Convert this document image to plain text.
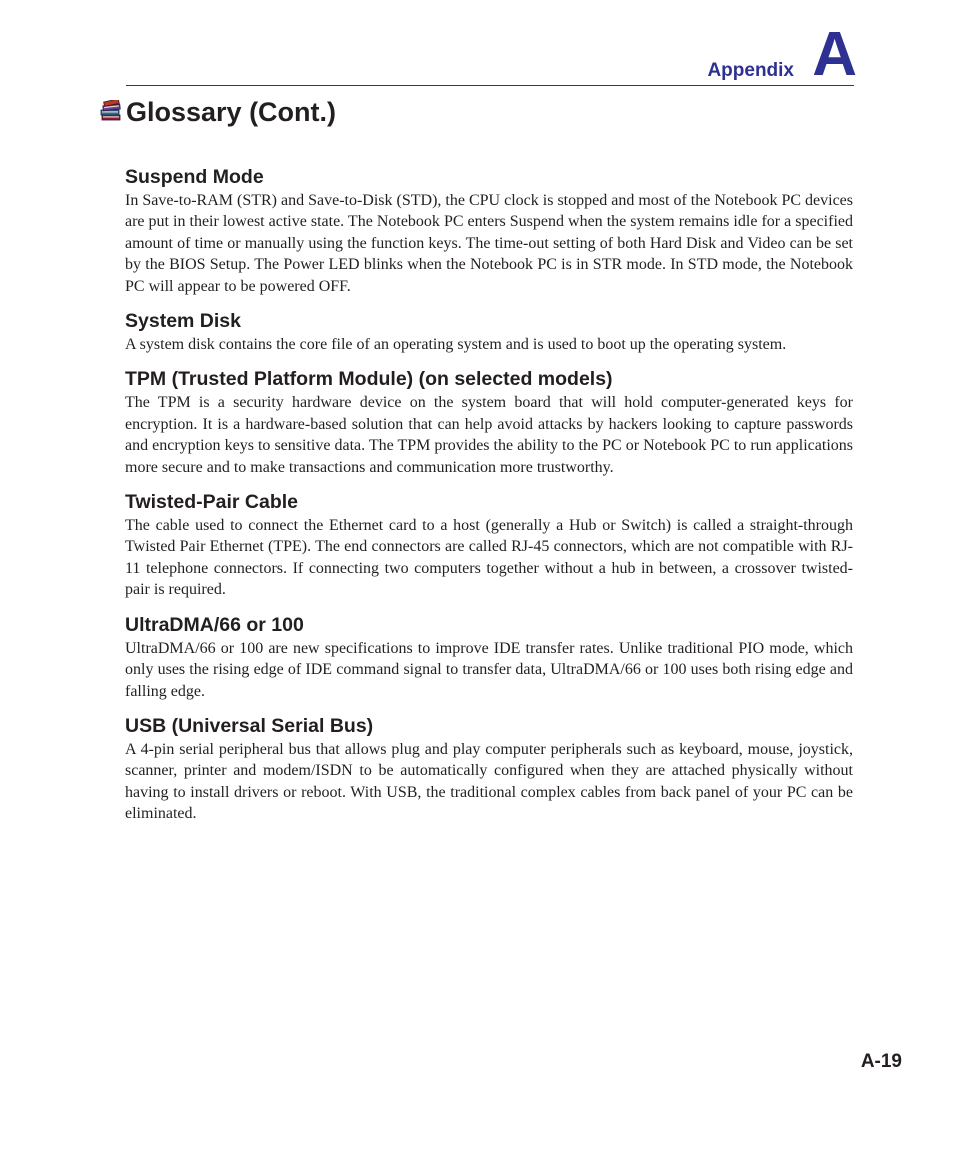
Appendix A
Glossary (Cont.)
Suspend Mode

In Save-to-RAM (STR) and Save-to-Disk (STD), the CPU clock is stopped and most of the Notebook PC devices are put in their lowest active state. The Notebook PC enters Suspend when the system remains idle for a specified amount of time or manually using the function keys. The time-out setting of both Hard Disk and Video can be set by the BIOS Setup. The Power LED blinks when the Notebook PC is in STR mode. In STD mode, the Notebook PC will appear to be powered OFF.

System Disk

A system disk contains the core file of an operating system and is used to boot up the operating system.

TPM (Trusted Platform Module) (on selected models)

The TPM is a security hardware device on the system board that will hold computer-generated keys for encryption. It is a hardware-based solution that can help avoid attacks by hackers looking to capture passwords and encryption keys to sensitive data. The TPM provides the ability to the PC or Notebook PC to run applications more secure and to make transactions and communication more trustworthy.

Twisted-Pair Cable

The cable used to connect the Ethernet card to a host (generally a Hub or Switch) is called a straight-through Twisted Pair Ethernet (TPE). The end connectors are called RJ-45 connectors, which are not compatible with RJ-11 telephone connectors. If connecting two computers together without a hub in between, a crossover twisted-pair is required.

UltraDMA/66 or 100

UltraDMA/66 or 100 are new specifications to improve IDE transfer rates. Unlike traditional PIO mode, which only uses the rising edge of IDE command signal to transfer data, UltraDMA/66 or 100 uses both rising edge and falling edge.

USB (Universal Serial Bus)

A 4-pin serial peripheral bus that allows plug and play computer peripherals such as keyboard, mouse, joystick, scanner, printer and modem/ISDN to be automatically configured when they are attached physically without having to install drivers or reboot. With USB, the traditional complex cables from back panel of your PC can be eliminated.

A-19
